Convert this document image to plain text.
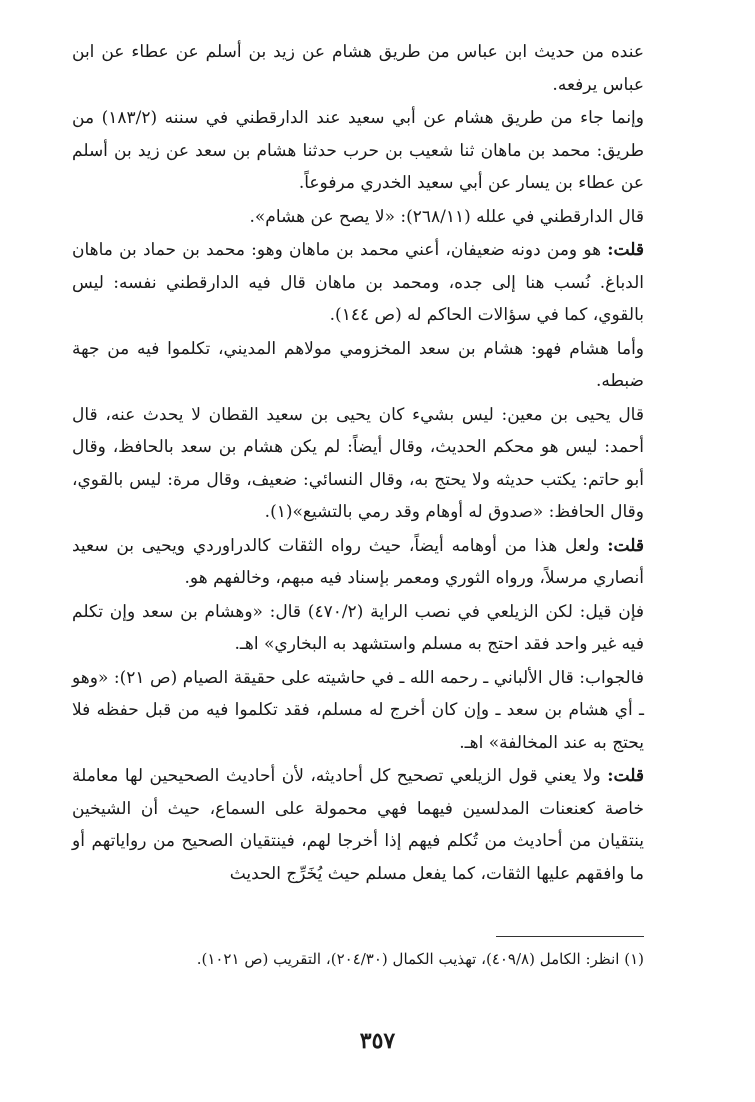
عنده من حديث ابن عباس من طريق هشام عن زيد بن أسلم عن عطاء عن ابن عباس يرفعه.

وإنما جاء من طريق هشام عن أبي سعيد عند الدارقطني في سننه (١٨٣/٢) من طريق: محمد بن ماهان ثنا شعيب بن حرب حدثنا هشام بن سعد عن زيد بن أسلم عن عطاء بن يسار عن أبي سعيد الخدري مرفوعاً.

قال الدارقطني في علله (٢٦٨/١١): «لا يصح عن هشام».

قلت: هو ومن دونه ضعيفان، أعني محمد بن ماهان وهو: محمد بن حماد بن ماهان الدباغ. نُسب هنا إلى جده، ومحمد بن ماهان قال فيه الدارقطني نفسه: ليس بالقوي، كما في سؤالات الحاكم له (ص ١٤٤).

وأما هشام فهو: هشام بن سعد المخزومي مولاهم المديني، تكلموا فيه من جهة ضبطه.

قال يحيى بن معين: ليس بشيء كان يحيى بن سعيد القطان لا يحدث عنه، قال أحمد: ليس هو محكم الحديث، وقال أيضاً: لم يكن هشام بن سعد بالحافظ، وقال أبو حاتم: يكتب حديثه ولا يحتج به، وقال النسائي: ضعيف، وقال مرة: ليس بالقوي، وقال الحافظ: «صدوق له أوهام وقد رمي بالتشيع»(١).

قلت: ولعل هذا من أوهامه أيضاً، حيث رواه الثقات كالدراوردي ويحيى بن سعيد أنصاري مرسلاً، ورواه الثوري ومعمر بإسناد فيه مبهم، وخالفهم هو.

فإن قيل: لكن الزيلعي في نصب الراية (٤٧٠/٢) قال: «وهشام بن سعد وإن تكلم فيه غير واحد فقد احتج به مسلم واستشهد به البخاري» اهـ.

فالجواب: قال الألباني ـ رحمه الله ـ في حاشيته على حقيقة الصيام (ص ٢١): «وهو ـ أي هشام بن سعد ـ وإن كان أخرج له مسلم، فقد تكلموا فيه من قبل حفظه فلا يحتج به عند المخالفة» اهـ.

قلت: ولا يعني قول الزيلعي تصحيح كل أحاديثه، لأن أحاديث الصحيحين لها معاملة خاصة كعنعنات المدلسين فيهما فهي محمولة على السماع، حيث أن الشيخين ينتقيان من أحاديث من تُكلم فيهم إذا أخرجا لهم، فينتقيان الصحيح من رواياتهم أو ما وافقهم عليها الثقات، كما يفعل مسلم حيث يُخَرِّج الحديث

(١) انظر: الكامل (٤٠٩/٨)، تهذيب الكمال (٢٠٤/٣٠)، التقريب (ص ١٠٢١).
٣٥٧
